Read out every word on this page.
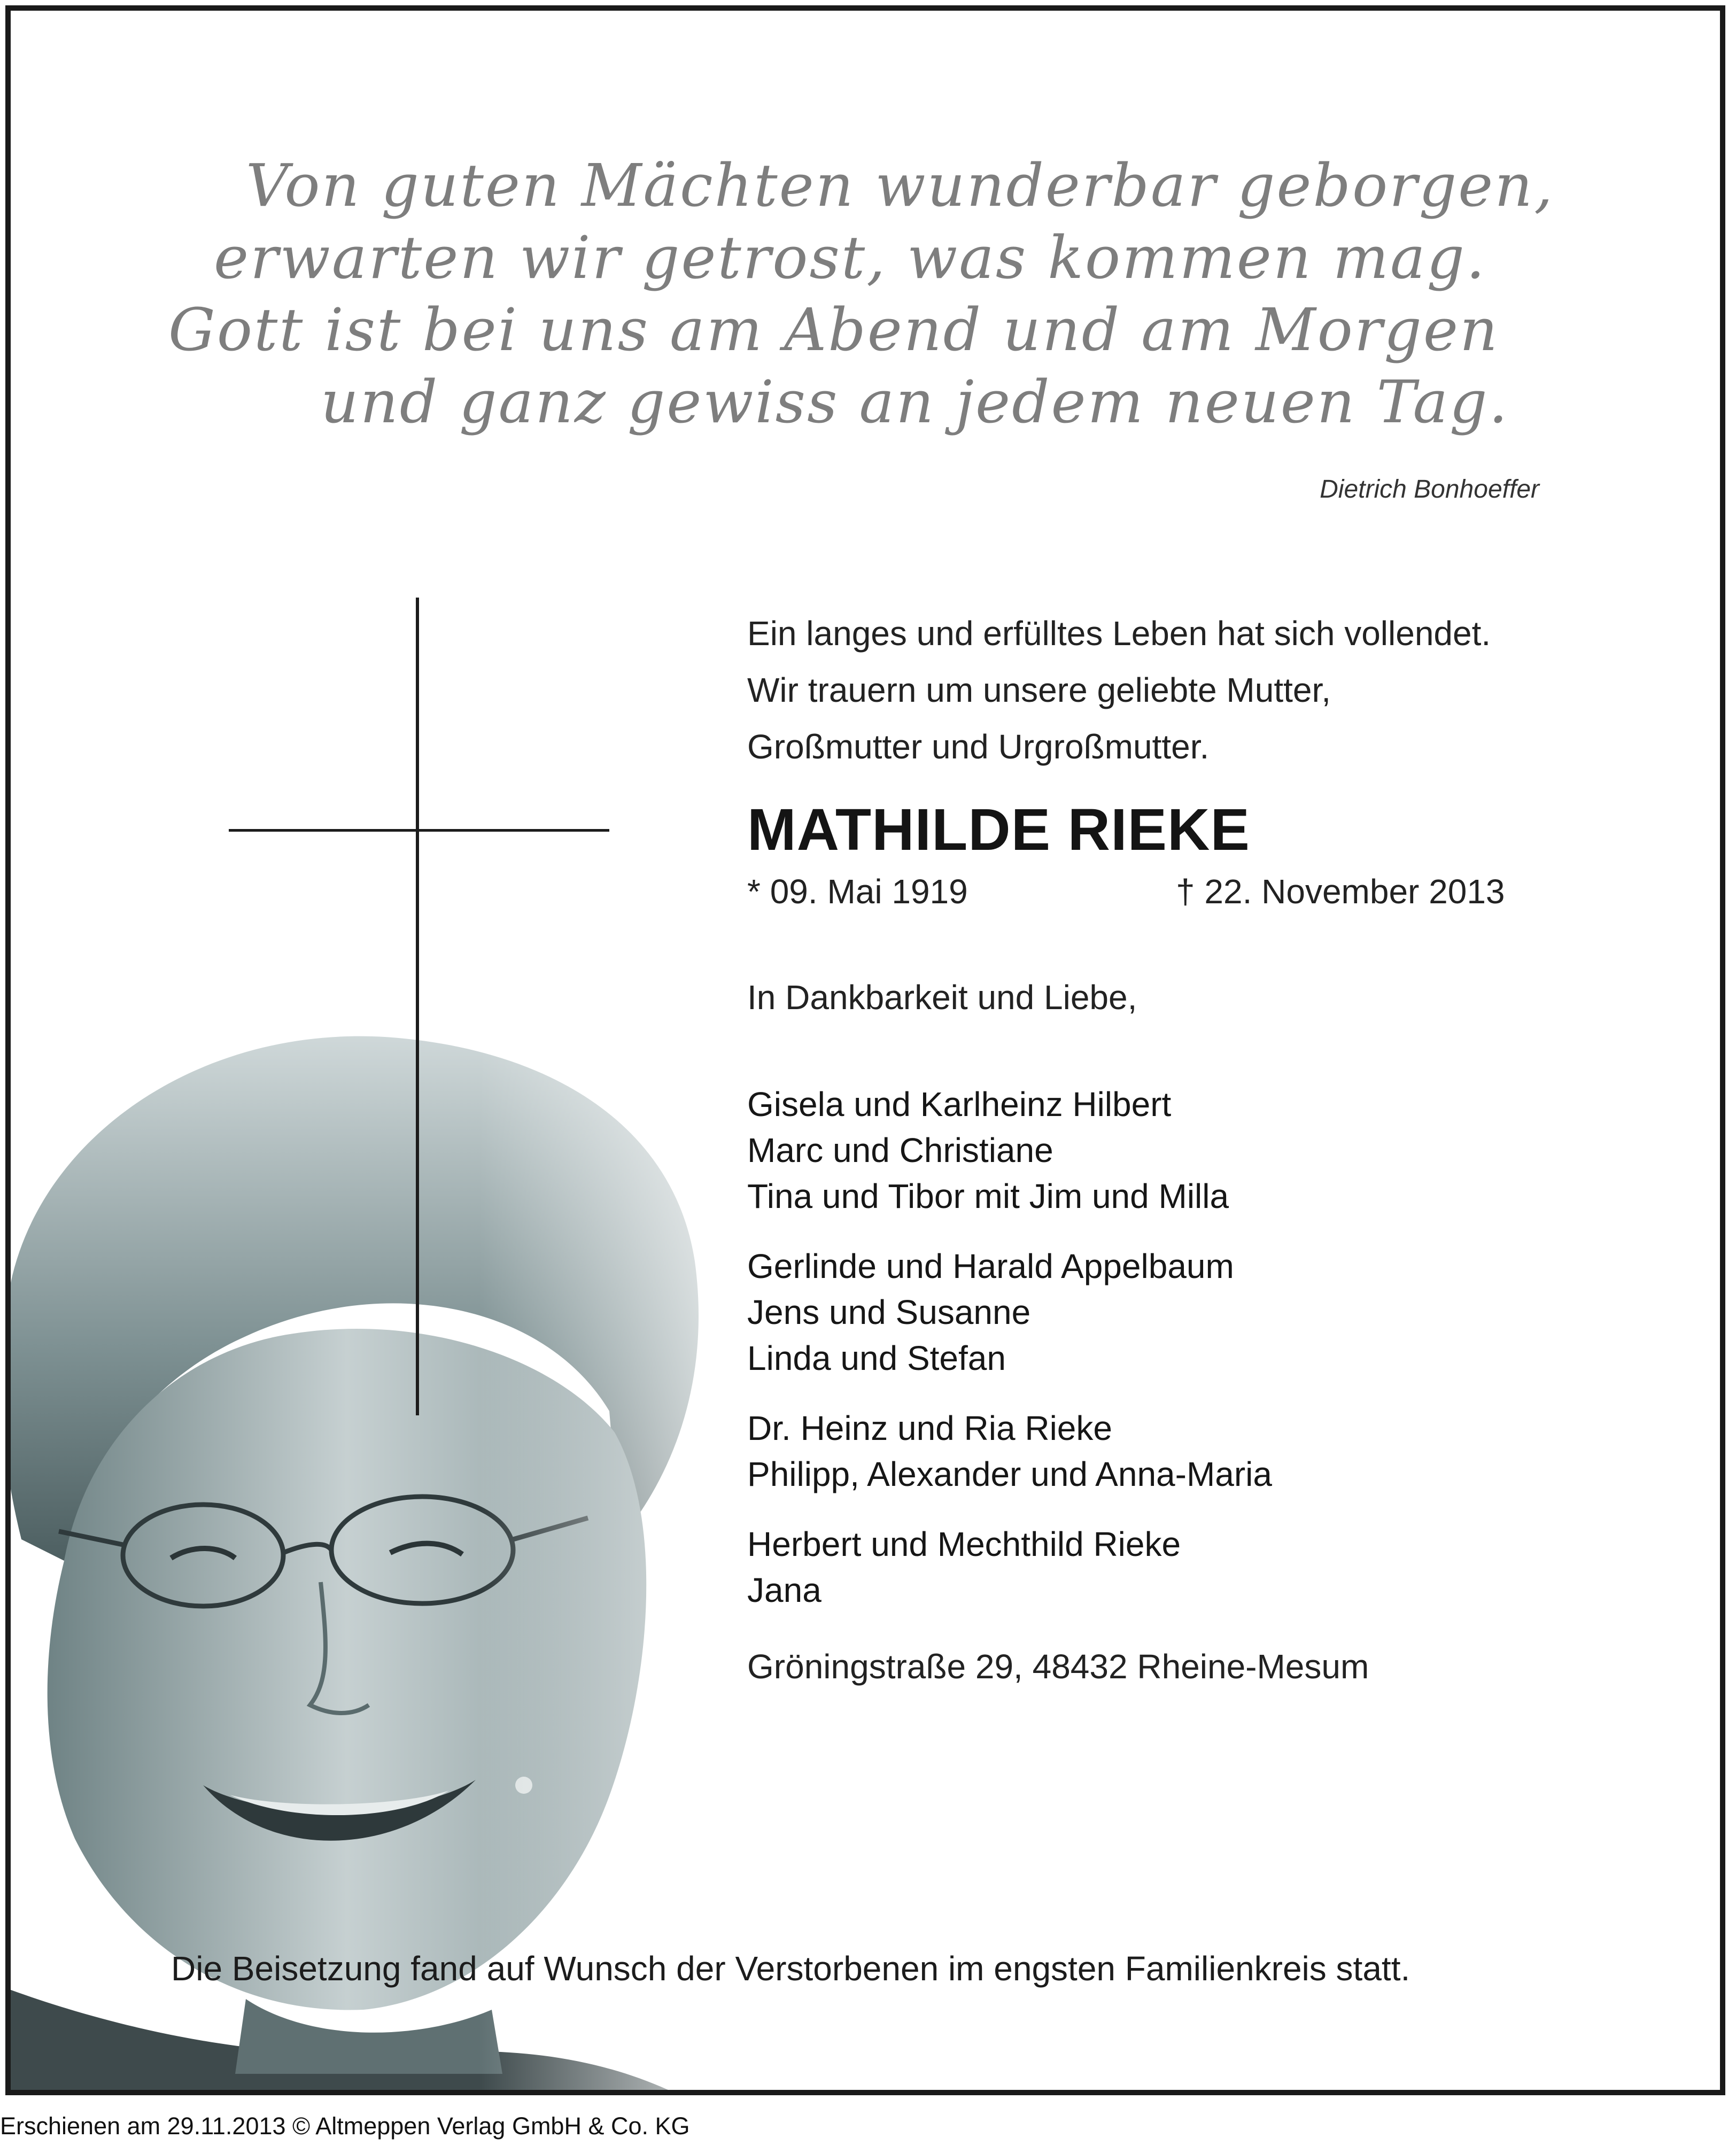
Von guten Mächten wunderbar geborgen,
erwarten wir getrost, was kommen mag.
Gott ist bei uns am Abend und am Morgen
und ganz gewiss an jedem neuen Tag.
Dietrich Bonhoeffer
Ein langes und erfülltes Leben hat sich vollendet.
Wir trauern um unsere geliebte Mutter,
Großmutter und Urgroßmutter.
MATHILDE RIEKE
* 09. Mai 1919	† 22. November 2013
In Dankbarkeit und Liebe,
Gisela und Karlheinz Hilbert
Marc und Christiane
Tina und Tibor mit Jim und Milla
Gerlinde und Harald Appelbaum
Jens und Susanne
Linda und Stefan
Dr. Heinz und Ria Rieke
Philipp, Alexander und Anna-Maria
Herbert und Mechthild Rieke
Jana
Gröningstraße 29, 48432 Rheine-Mesum
Die Beisetzung fand auf Wunsch der Verstorbenen im engsten Familienkreis statt.
Erschienen am 29.11.2013 © Altmeppen Verlag GmbH & Co. KG
